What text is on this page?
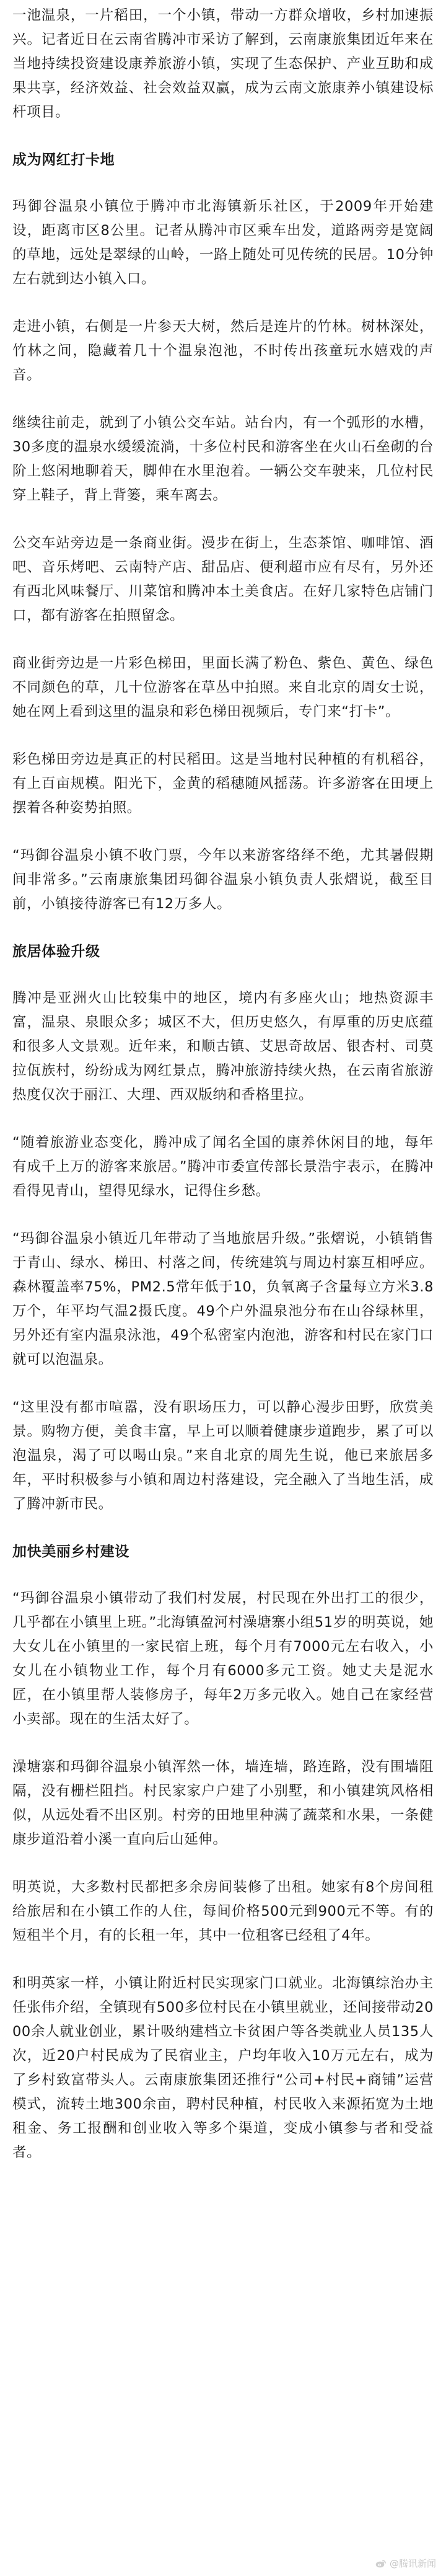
一池温泉，一片稻田，一个小镇，带动一方群众增收，乡村加速振兴。记者近日在云南省腾冲市采访了解到，云南康旅集团近年来在当地持续投资建设康养旅游小镇，实现了生态保护、产业互助和成果共享，经济效益、社会效益双赢，成为云南文旅康养小镇建设标杆项目。

成为网红打卡地

玛御谷温泉小镇位于腾冲市北海镇新乐社区，于2009年开始建设，距离市区8公里。记者从腾冲市区乘车出发，道路两旁是宽阔的草地，远处是翠绿的山岭，一路上随处可见传统的民居。10分钟左右就到达小镇入口。

走进小镇，右侧是一片参天大树，然后是连片的竹林。树林深处，竹林之间，隐藏着几十个温泉泡池，不时传出孩童玩水嬉戏的声音。

继续往前走，就到了小镇公交车站。站台内，有一个弧形的水槽，30多度的温泉水缓缓流淌，十多位村民和游客坐在火山石垒砌的台阶上悠闲地聊着天，脚伸在水里泡着。一辆公交车驶来，几位村民穿上鞋子，背上背篓，乘车离去。

公交车站旁边是一条商业街。漫步在街上，生态茶馆、咖啡馆、酒吧、音乐烤吧、云南特产店、甜品店、便利超市应有尽有，另外还有西北风味餐厅、川菜馆和腾冲本土美食店。在好几家特色店铺门口，都有游客在拍照留念。

商业街旁边是一片彩色梯田，里面长满了粉色、紫色、黄色、绿色不同颜色的草，几十位游客在草丛中拍照。来自北京的周女士说，她在网上看到这里的温泉和彩色梯田视频后，专门来“打卡”。

彩色梯田旁边是真正的村民稻田。这是当地村民种植的有机稻谷，有上百亩规模。阳光下，金黄的稻穗随风摇荡。许多游客在田埂上摆着各种姿势拍照。

“玛御谷温泉小镇不收门票，今年以来游客络绎不绝，尤其暑假期间非常多。”云南康旅集团玛御谷温泉小镇负责人张熠说，截至目前，小镇接待游客已有12万多人。

旅居体验升级

腾冲是亚洲火山比较集中的地区，境内有多座火山；地热资源丰富，温泉、泉眼众多；城区不大，但历史悠久，有厚重的历史底蕴和很多人文景观。近年来，和顺古镇、艾思奇故居、银杏村、司莫拉佤族村，纷纷成为网红景点，腾冲旅游持续火热，在云南省旅游热度仅次于丽江、大理、西双版纳和香格里拉。

“随着旅游业态变化，腾冲成了闻名全国的康养休闲目的地，每年有成千上万的游客来旅居。”腾冲市委宣传部长景浩宇表示，在腾冲看得见青山，望得见绿水，记得住乡愁。

“玛御谷温泉小镇近几年带动了当地旅居升级。”张熠说，小镇销售于青山、绿水、梯田、村落之间，传统建筑与周边村寨互相呼应。森林覆盖率75%，PM2.5常年低于10，负氧离子含量每立方米3.8万个，年平均气温2摄氏度。49个户外温泉池分布在山谷绿林里，另外还有室内温泉泳池，49个私密室内泡池，游客和村民在家门口就可以泡温泉。

“这里没有都市喧嚣，没有职场压力，可以静心漫步田野，欣赏美景。购物方便，美食丰富，早上可以顺着健康步道跑步，累了可以泡温泉，渴了可以喝山泉。”来自北京的周先生说，他已来旅居多年，平时积极参与小镇和周边村落建设，完全融入了当地生活，成了腾冲新市民。

加快美丽乡村建设

“玛御谷温泉小镇带动了我们村发展，村民现在外出打工的很少，几乎都在小镇里上班。”北海镇盈河村澡塘寨小组51岁的明英说，她大女儿在小镇里的一家民宿上班，每个月有7000元左右收入，小女儿在小镇物业工作，每个月有6000多元工资。她丈夫是泥水匠，在小镇里帮人装修房子，每年2万多元收入。她自己在家经营小卖部。现在的生活太好了。

澡塘寨和玛御谷温泉小镇浑然一体，墙连墙，路连路，没有围墙阻隔，没有栅栏阻挡。村民家家户户建了小别墅，和小镇建筑风格相似，从远处看不出区别。村旁的田地里种满了蔬菜和水果，一条健康步道沿着小溪一直向后山延伸。

明英说，大多数村民都把多余房间装修了出租。她家有8个房间租给旅居和在小镇工作的人住，每间价格500元到900元不等。有的短租半个月，有的长租一年，其中一位租客已经租了4年。

和明英家一样，小镇让附近村民实现家门口就业。北海镇综治办主任张伟介绍，全镇现有500多位村民在小镇里就业，还间接带动2000余人就业创业，累计吸纳建档立卡贫困户等各类就业人员135人次，近20户村民成为了民宿业主，户均年收入10万元左右，成为了乡村致富带头人。云南康旅集团还推行“公司+村民+商铺”运营模式，流转土地300余亩，聘村民种植，村民收入来源拓宽为土地租金、务工报酬和创业收入等多个渠道，变成小镇参与者和受益者。

@腾讯新闻
